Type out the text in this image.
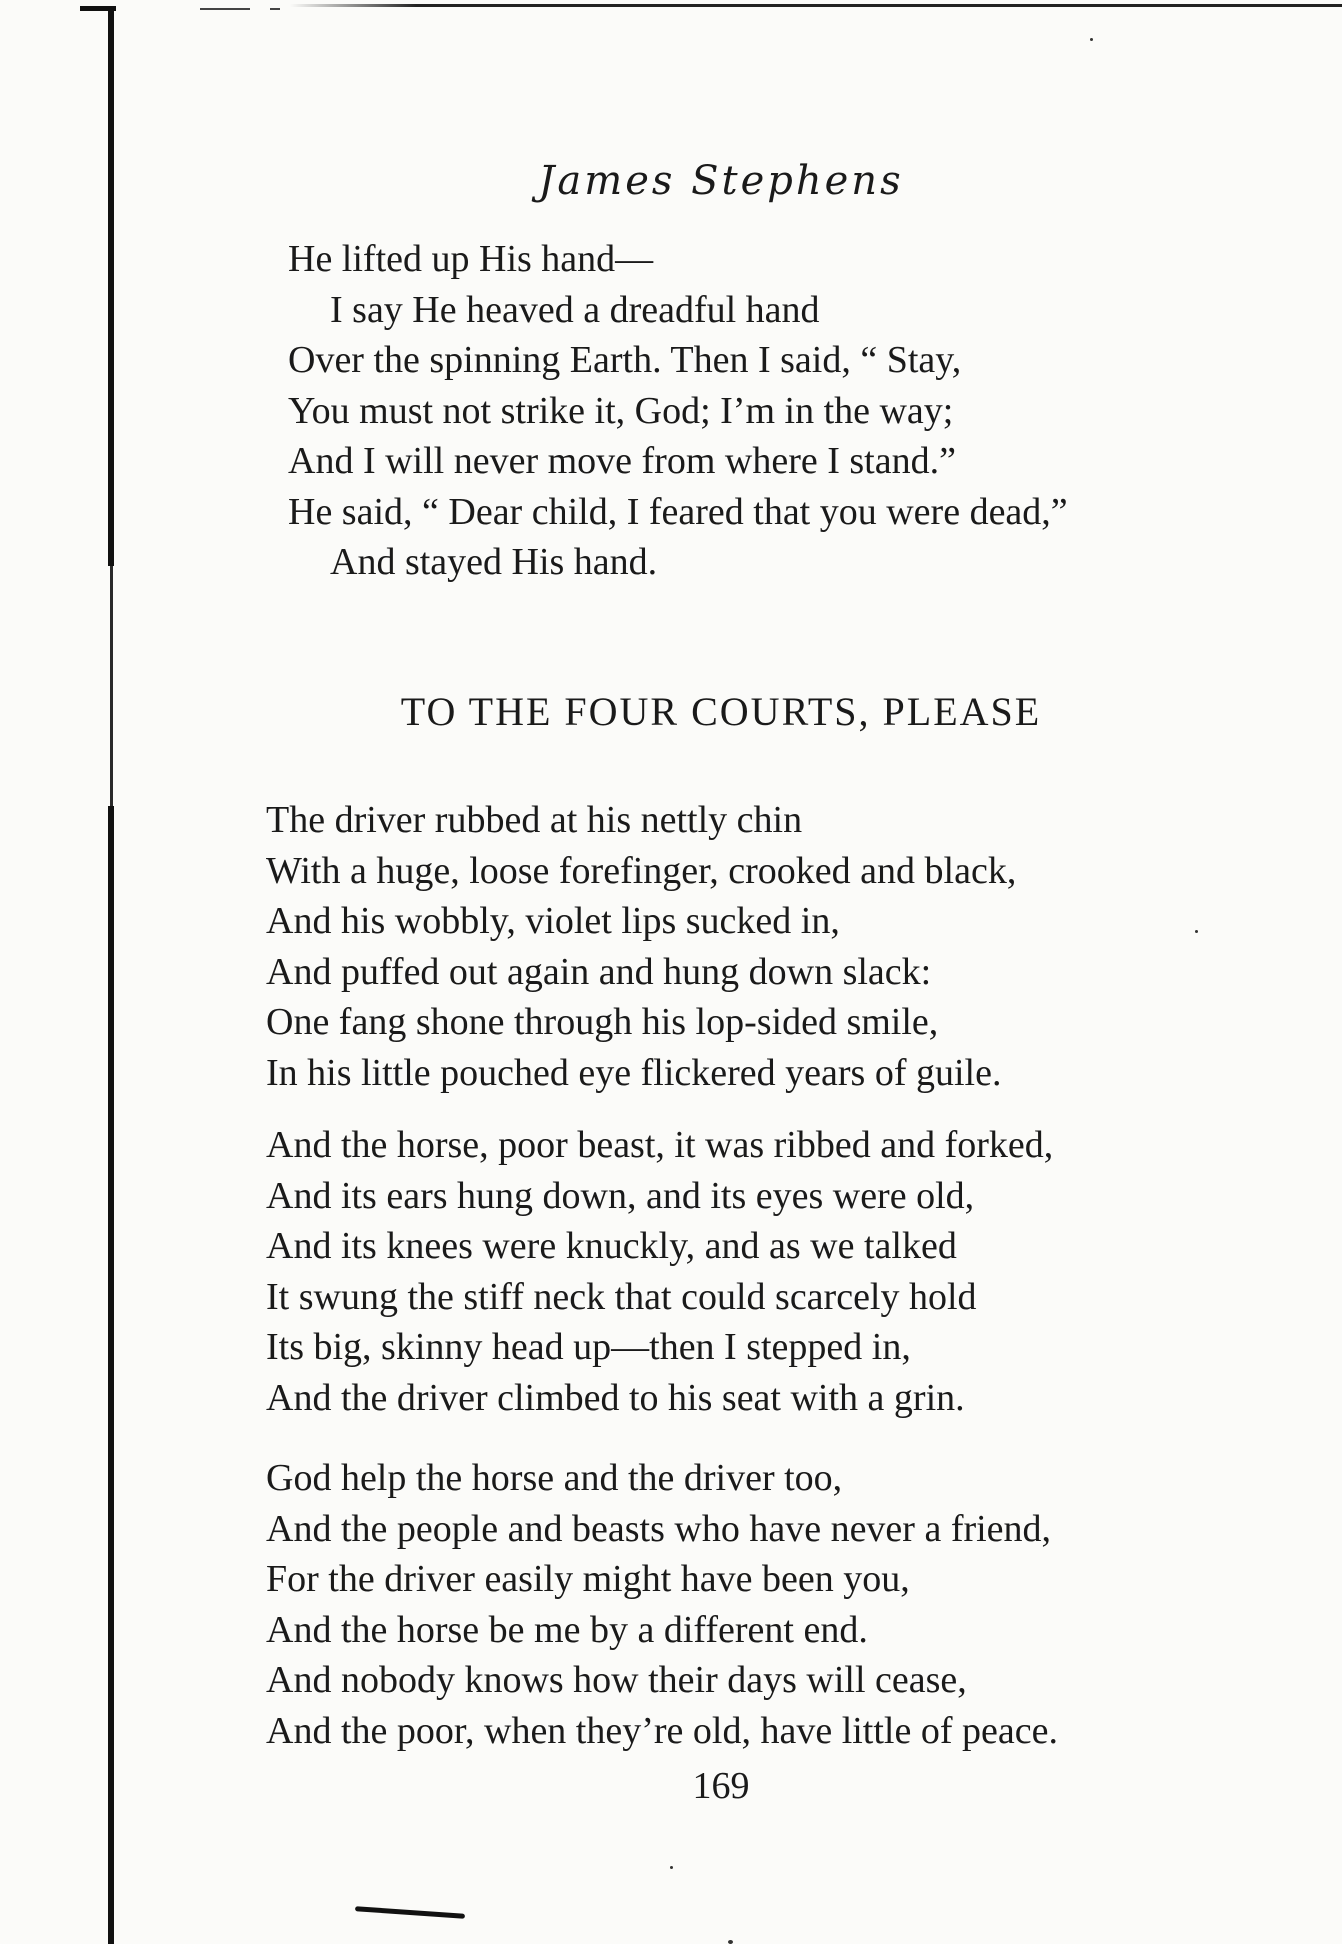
James Stephens
He lifted up His hand—
I say He heaved a dreadful hand
Over the spinning Earth. Then I said, “ Stay,
You must not strike it, God; I’m in the way;
And I will never move from where I stand.”
He said, “ Dear child, I feared that you were dead,”
And stayed His hand.
TO THE FOUR COURTS, PLEASE
The driver rubbed at his nettly chin
With a huge, loose forefinger, crooked and black,
And his wobbly, violet lips sucked in,
And puffed out again and hung down slack:
One fang shone through his lop-sided smile,
In his little pouched eye flickered years of guile.
And the horse, poor beast, it was ribbed and forked,
And its ears hung down, and its eyes were old,
And its knees were knuckly, and as we talked
It swung the stiff neck that could scarcely hold
Its big, skinny head up—then I stepped in,
And the driver climbed to his seat with a grin.
God help the horse and the driver too,
And the people and beasts who have never a friend,
For the driver easily might have been you,
And the horse be me by a different end.
And nobody knows how their days will cease,
And the poor, when they’re old, have little of peace.
169
